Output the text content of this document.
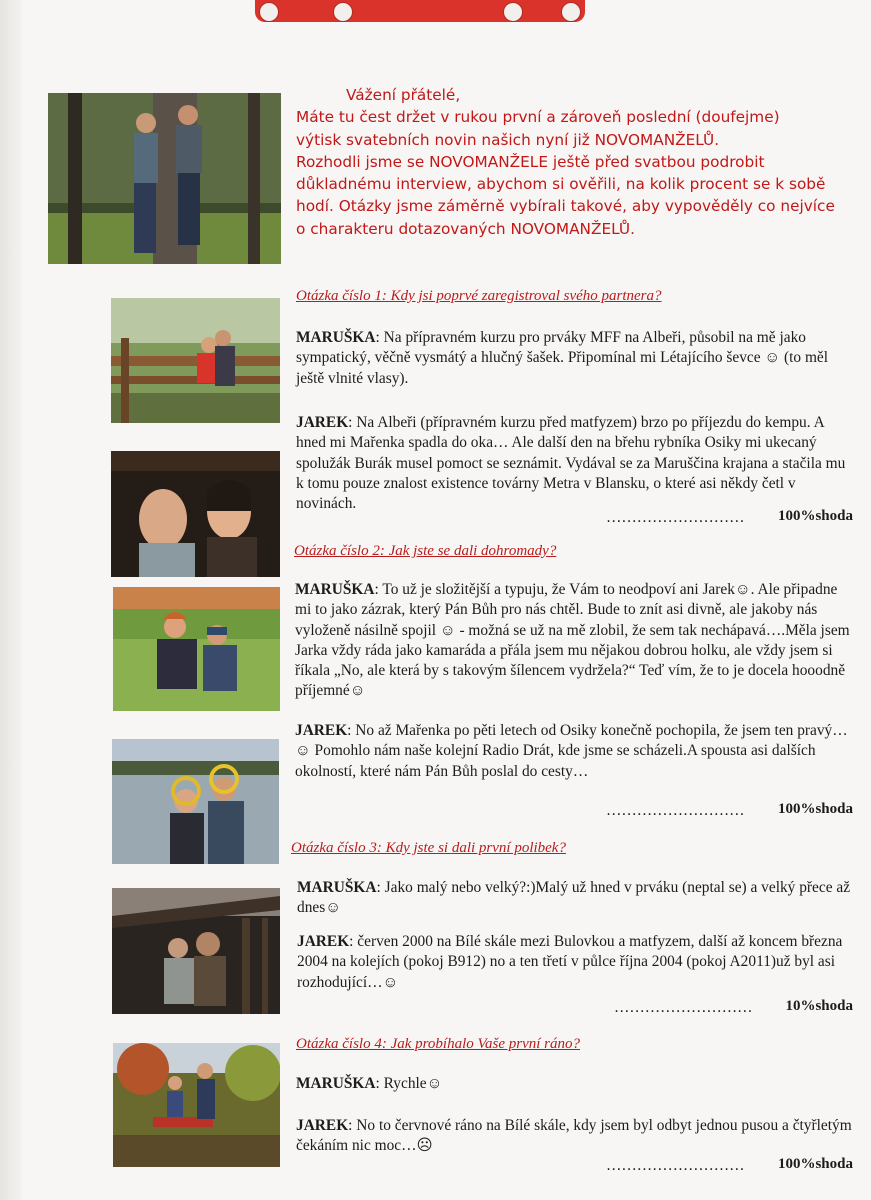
Vážení přátelé,

Máte tu čest držet v rukou první a zároveň poslední (doufejme)

výtisk svatebních novin našich nyní již NOVOMANŽELŮ.

Rozhodli jsme se NOVOMANŽELE ještě před svatbou podrobit

důkladnému interview, abychom si ověřili, na kolik procent se k sobě

hodí. Otázky jsme záměrně vybírali takové, aby vypověděly co nejvíce

o charakteru dotazovaných NOVOMANŽELŮ.

Otázka číslo 1: Kdy jsi poprvé zaregistroval svého partnera?

MARUŠKA: Na přípravném kurzu pro prváky MFF na Albeři, působil na mě jako sympatický, věčně vysmátý a hlučný šašek. Připomínal mi Létajícího ševce ☺ (to měl ještě vlnité vlasy).

JAREK: Na Albeři (přípravném kurzu před matfyzem) brzo po příjezdu do kempu. A hned mi Mařenka spadla do oka… Ale další den na břehu rybníka Osiky mi ukecaný spolužák Burák musel pomoct se seznámit. Vydával se za Maruščina krajana a stačila mu k tomu pouze znalost existence továrny Metra v Blansku, o které asi někdy četl v novinách.

……………………… 100%shoda
Otázka číslo 2: Jak jste se dali dohromady?

MARUŠKA: To už je složitější a typuju, že Vám to neodpoví ani Jarek☺. Ale připadne mi to jako zázrak, který Pán Bůh pro nás chtěl. Bude to znít asi divně, ale jakoby nás vyloženě násilně spojil ☺ - možná se už na mě zlobil, že sem tak nechápavá….Měla jsem Jarka vždy ráda jako kamaráda a přála jsem mu nějakou dobrou holku, ale vždy jsem si říkala „No, ale která by s takovým šílencem vydržela?“ Teď vím, že to je docela hooodně příjemné☺

JAREK: No až Mařenka po pěti letech od Osiky konečně pochopila, že jsem ten pravý…☺ Pomohlo nám naše kolejní Radio Drát, kde jsme se scházeli.A spousta asi dalších okolností, které nám Pán Bůh poslal do cesty…

……………………… 100%shoda
Otázka číslo 3: Kdy jste si dali první polibek?

MARUŠKA: Jako malý nebo velký?:)Malý už hned v prváku (neptal se) a velký přece až dnes☺

JAREK: červen 2000 na Bílé skále mezi Bulovkou a matfyzem, další až koncem března 2004 na kolejích (pokoj B912) no a ten třetí v půlce října 2004 (pokoj A2011)už byl asi rozhodující…☺

……………………… 10%shoda
Otázka číslo 4: Jak probíhalo Vaše první ráno?

MARUŠKA: Rychle☺

JAREK: No to červnové ráno na Bílé skále, kdy jsem byl odbyt jednou pusou a čtyřletým čekáním nic moc…☹

……………………… 100%shoda
